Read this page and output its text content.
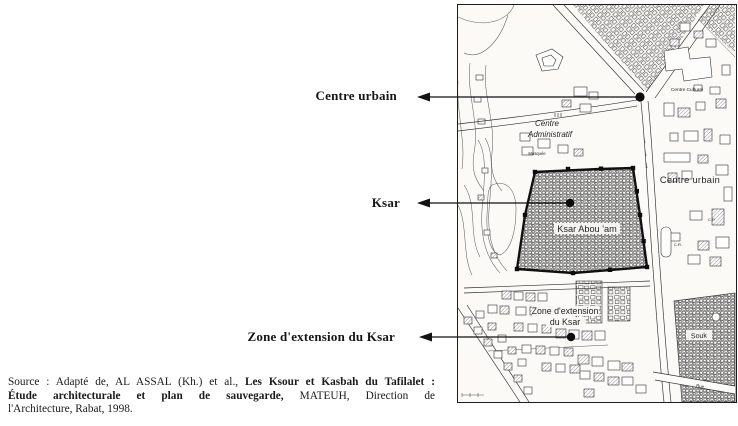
Centre urbain
Ksar
Zone d'extension du Ksar
Centre Culturel
Centre
Administratif
Mosquée
Centre urbain
C.P.
C.R.
Ksar Abou 'am
Zone d'extension
du Ksar
Souk
Rue
Source : Adapté de, AL ASSAL (Kh.) et al., Les Ksour et Kasbah du Tafilalet :
Étude architecturale et plan de sauvegarde, MATEUH, Direction de
l'Architecture, Rabat, 1998.
